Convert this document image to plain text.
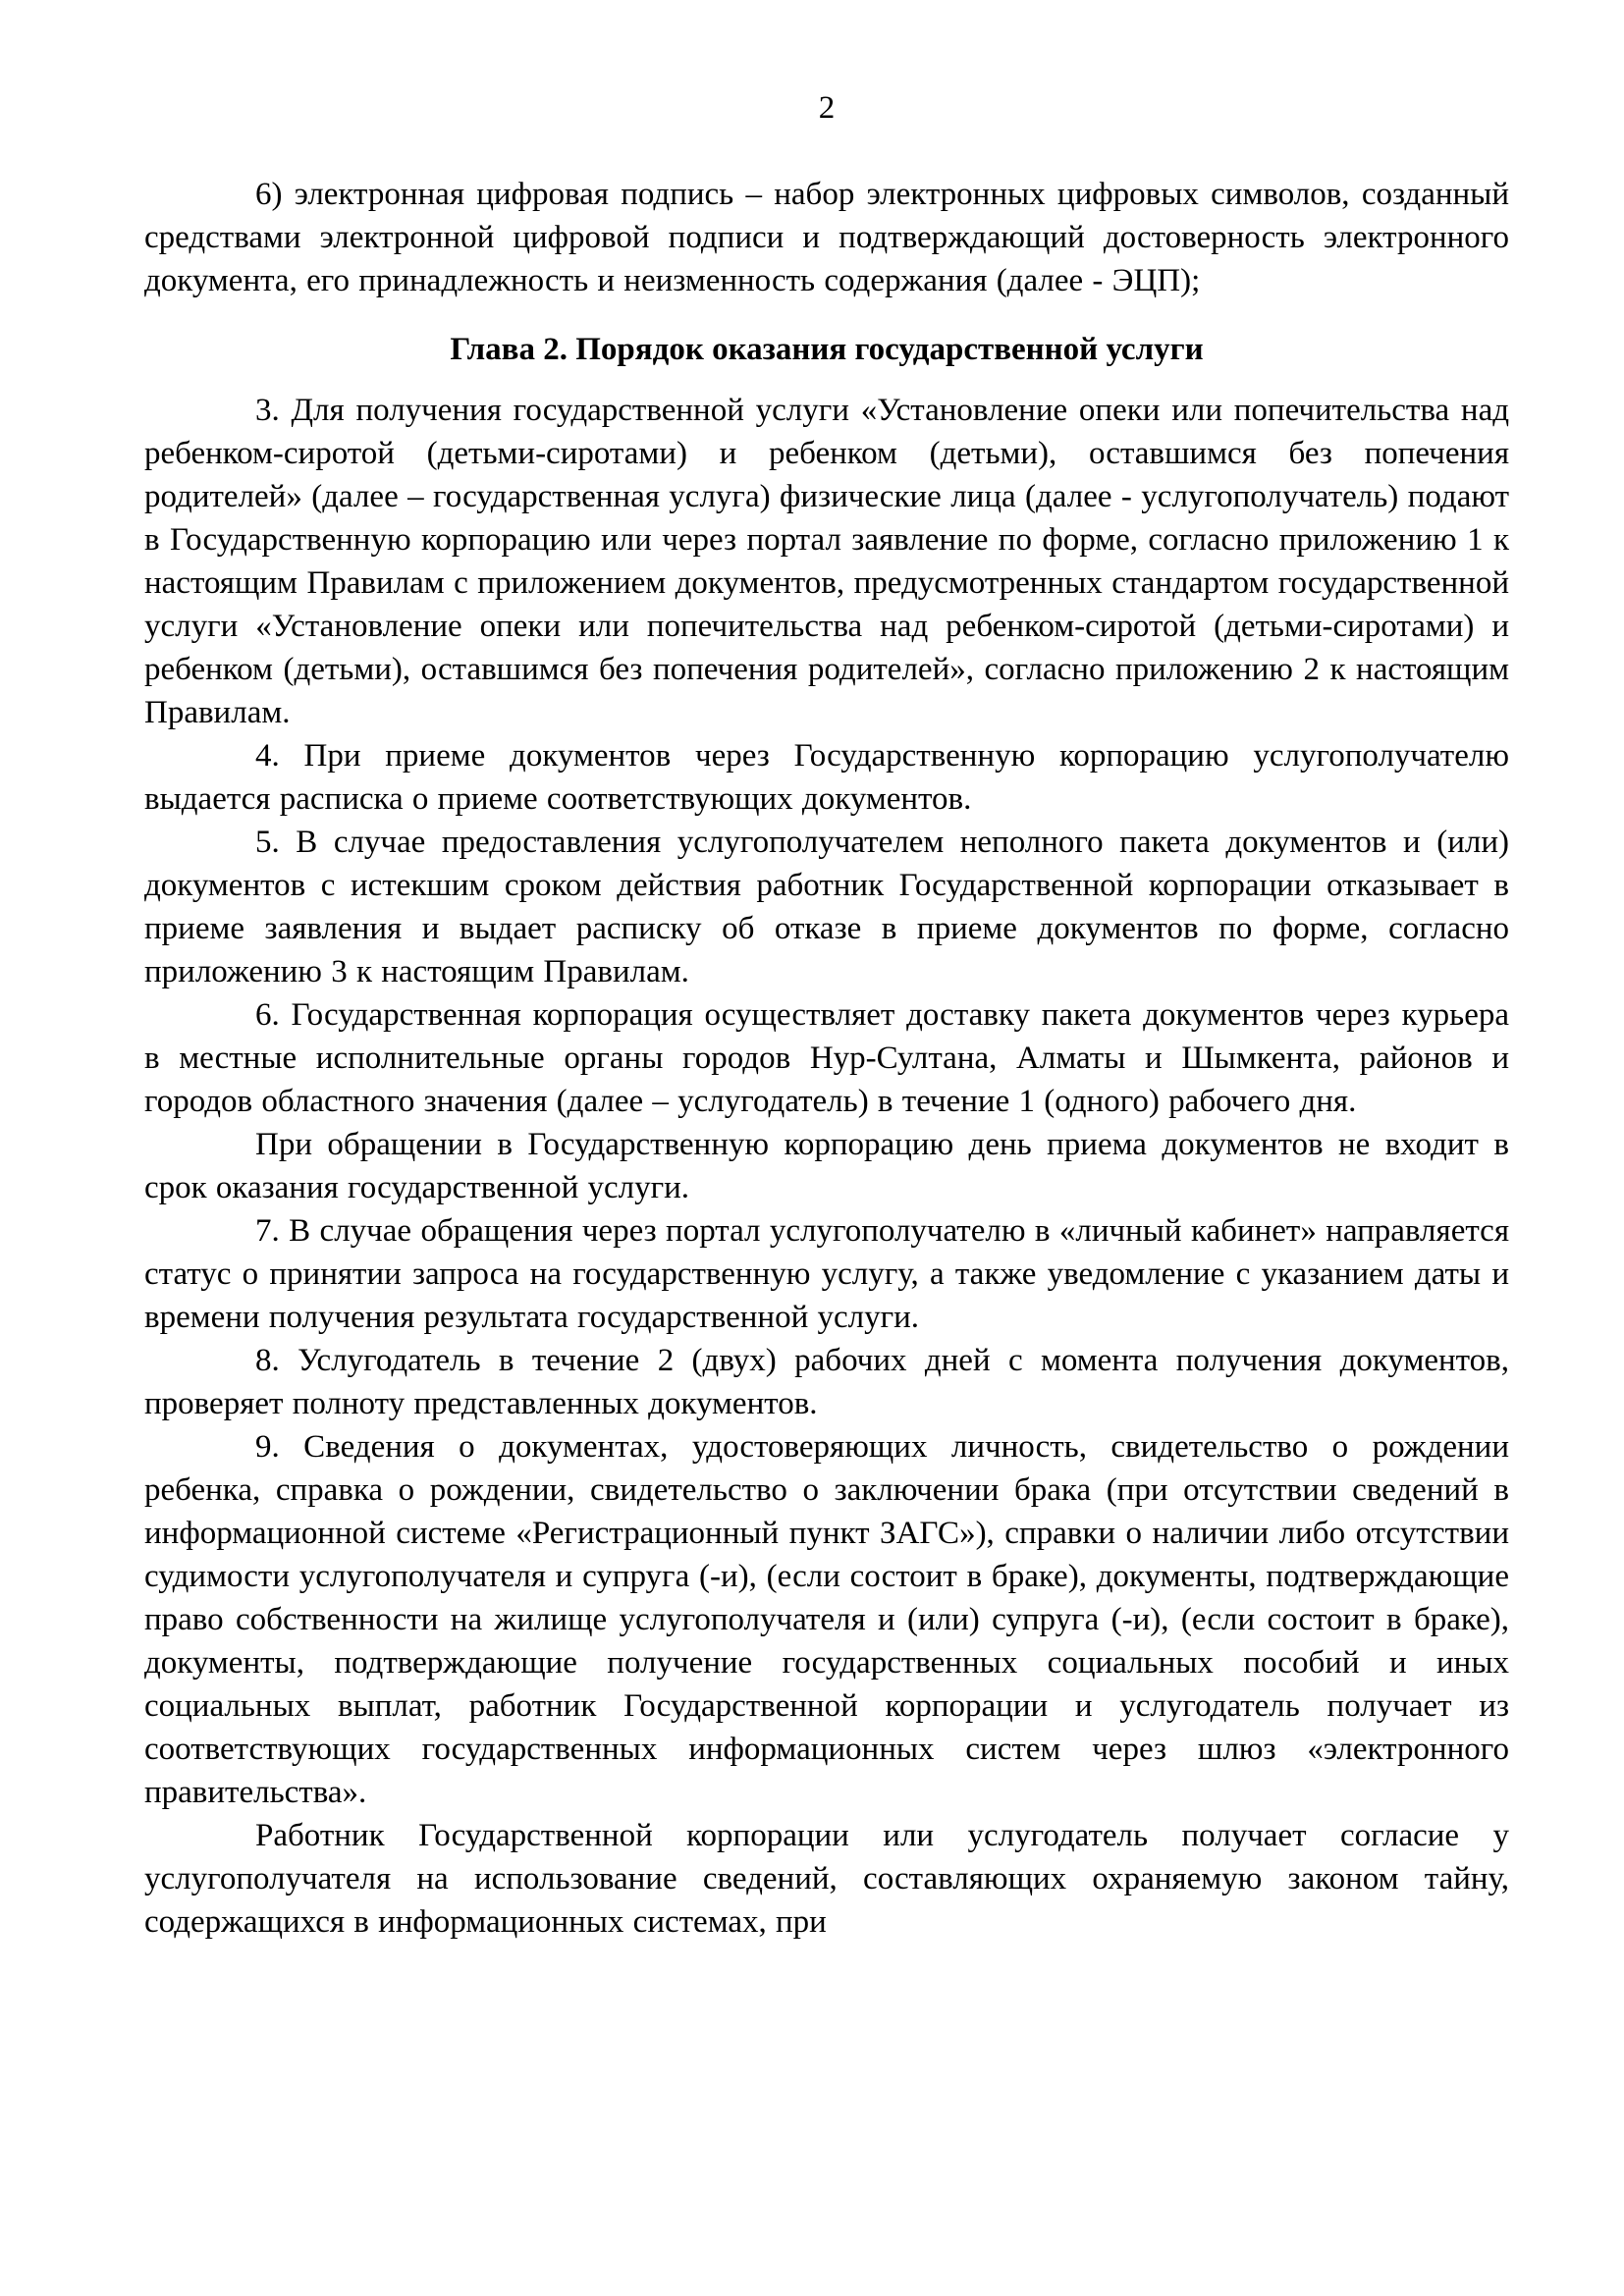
2

6) электронная цифровая подпись – набор электронных цифровых символов, созданный средствами электронной цифровой подписи и подтверждающий достоверность электронного документа, его принадлежность и неизменность содержания (далее - ЭЦП);

Глава 2. Порядок оказания государственной услуги

3. Для получения государственной услуги «Установление опеки или попечительства над ребенком-сиротой (детьми-сиротами) и ребенком (детьми), оставшимся без попечения родителей» (далее – государственная услуга) физические лица (далее - услугополучатель) подают в Государственную корпорацию или через портал заявление по форме, согласно приложению 1 к настоящим Правилам с приложением документов, предусмотренных стандартом государственной услуги «Установление опеки или попечительства над ребенком-сиротой (детьми-сиротами) и ребенком (детьми), оставшимся без попечения родителей», согласно приложению 2 к настоящим Правилам.

4. При приеме документов через Государственную корпорацию услугополучателю выдается расписка о приеме соответствующих документов.

5. В случае предоставления услугополучателем неполного пакета документов и (или) документов с истекшим сроком действия работник Государственной корпорации отказывает в приеме заявления и выдает расписку об отказе в приеме документов по форме, согласно приложению 3 к настоящим Правилам.

6. Государственная корпорация осуществляет доставку пакета документов через курьера в местные исполнительные органы городов Нур-Султана, Алматы и Шымкента, районов и городов областного значения (далее – услугодатель) в течение 1 (одного) рабочего дня.

При обращении в Государственную корпорацию день приема документов не входит в срок оказания государственной услуги.

7. В случае обращения через портал услугополучателю в «личный кабинет» направляется статус о принятии запроса на государственную услугу, а также уведомление с указанием даты и времени получения результата государственной услуги.

8. Услугодатель в течение 2 (двух) рабочих дней с момента получения документов, проверяет полноту представленных документов.

9. Сведения о документах, удостоверяющих личность, свидетельство о рождении ребенка, справка о рождении, свидетельство о заключении брака (при отсутствии сведений в информационной системе «Регистрационный пункт ЗАГС»), справки о наличии либо отсутствии судимости услугополучателя и супруга (-и), (если состоит в браке), документы, подтверждающие право собственности на жилище услугополучателя и (или) супруга (-и), (если состоит в браке), документы, подтверждающие получение государственных социальных пособий и иных социальных выплат, работник Государственной корпорации и услугодатель получает из соответствующих государственных информационных систем через шлюз «электронного правительства».

Работник Государственной корпорации или услугодатель получает согласие у услугополучателя на использование сведений, составляющих охраняемую законом тайну, содержащихся в информационных системах, при
